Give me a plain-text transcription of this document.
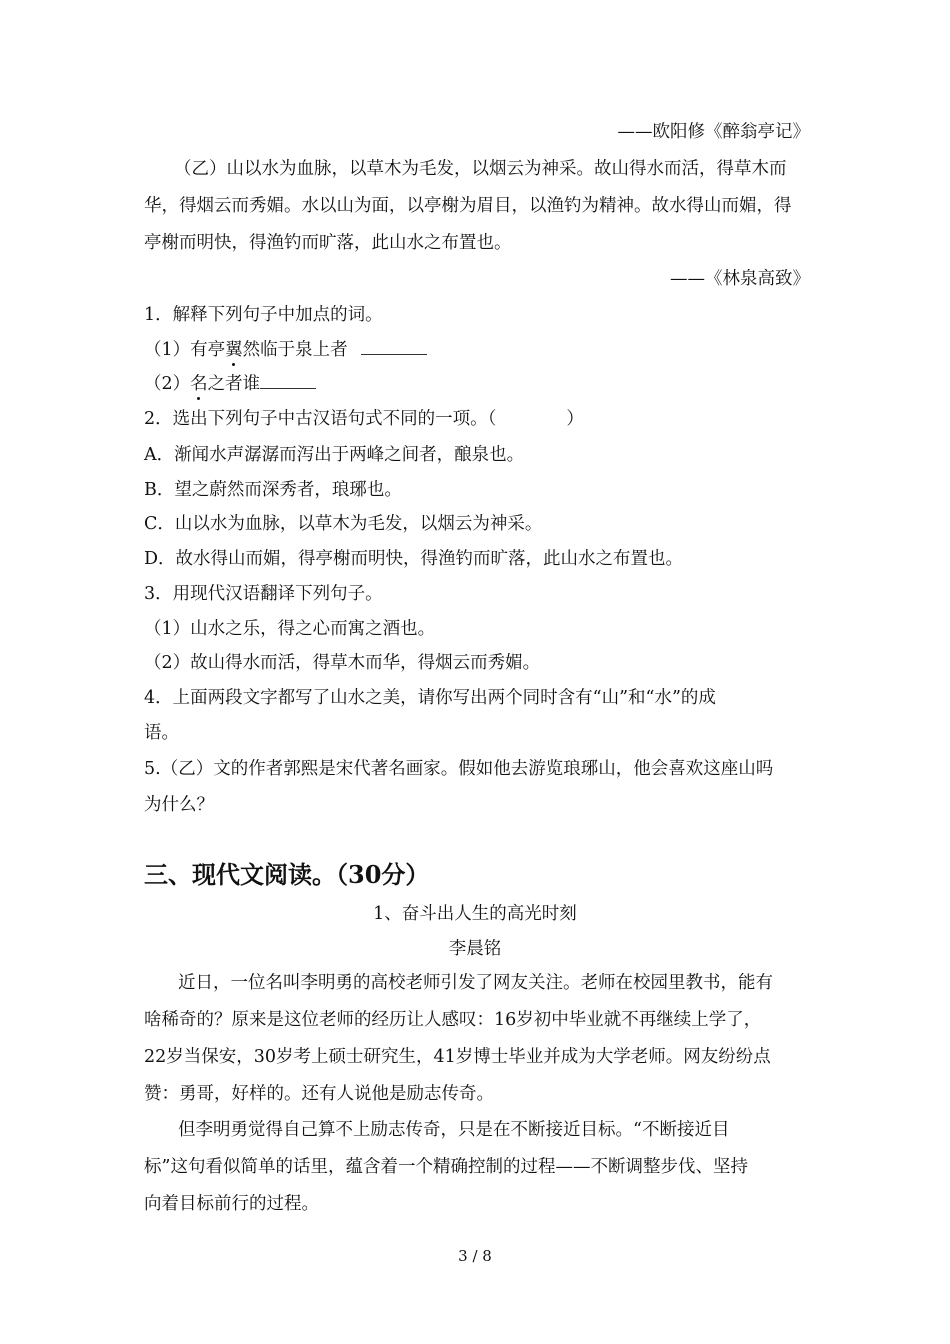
——欧阳修《醉翁亭记》
（乙）山以水为血脉，以草木为毛发，以烟云为神采。故山得水而活，得草木而
华，得烟云而秀媚。水以山为面，以亭榭为眉目，以渔钓为精神。故水得山而媚，得
亭榭而明快，得渔钓而旷落，此山水之布置也。
——《林泉高致》
1．解释下列句子中加点的词。
（1）有亭翼然临于泉上者
（2）名之者谁
2．选出下列句子中古汉语句式不同的一项。（　　　　）
A．渐闻水声潺潺而泻出于两峰之间者，酿泉也。
B．望之蔚然而深秀者，琅琊也。
C．山以水为血脉，以草木为毛发，以烟云为神采。
D．故水得山而媚，得亭榭而明快，得渔钓而旷落，此山水之布置也。
3．用现代汉语翻译下列句子。
（1）山水之乐，得之心而寓之酒也。
（2）故山得水而活，得草木而华，得烟云而秀媚。
4．上面两段文字都写了山水之美，请你写出两个同时含有“山”和“水”的成
语。
5.（乙）文的作者郭熙是宋代著名画家。假如他去游览琅琊山，他会喜欢这座山吗
为什么？
三、现代文阅读。（30分）
1、奋斗出人生的高光时刻
李晨铭
近日，一位名叫李明勇的高校老师引发了网友关注。老师在校园里教书，能有
啥稀奇的？原来是这位老师的经历让人感叹：16岁初中毕业就不再继续上学了，
22岁当保安，30岁考上硕士研究生，41岁博士毕业并成为大学老师。网友纷纷点
赞：勇哥，好样的。还有人说他是励志传奇。
但李明勇觉得自己算不上励志传奇，只是在不断接近目标。“不断接近目
标”这句看似简单的话里，蕴含着一个精确控制的过程——不断调整步伐、坚持
向着目标前行的过程。
3 / 8
